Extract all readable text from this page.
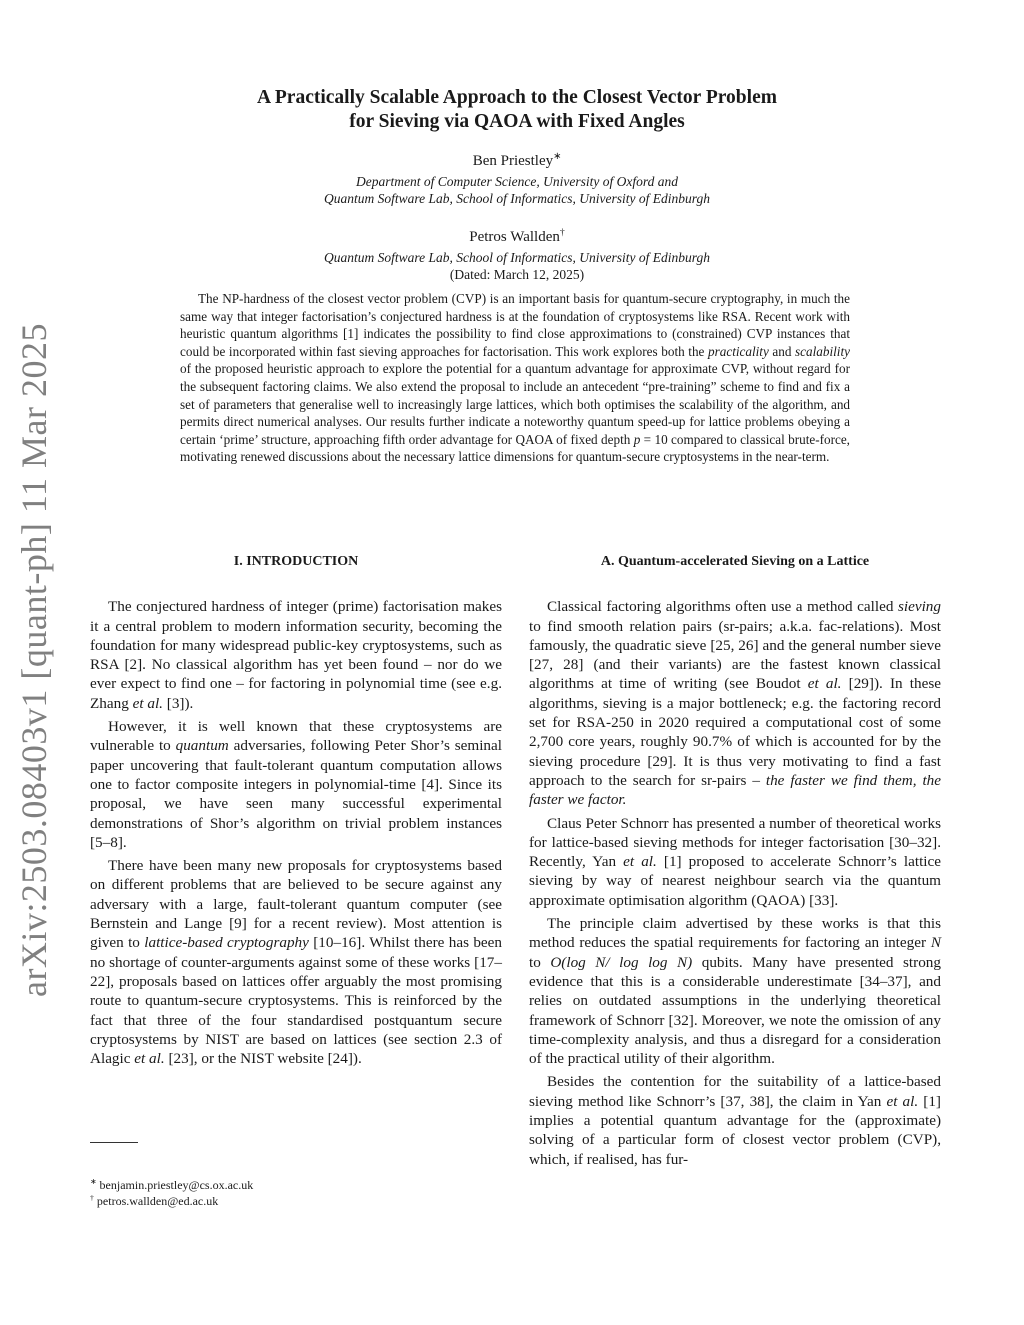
arXiv:2503.08403v1 [quant-ph] 11 Mar 2025
A Practically Scalable Approach to the Closest Vector Problem
for Sieving via QAOA with Fixed Angles
Ben Priestley∗
Department of Computer Science, University of Oxford and
Quantum Software Lab, School of Informatics, University of Edinburgh
Petros Wallden†
Quantum Software Lab, School of Informatics, University of Edinburgh
(Dated: March 12, 2025)
The NP-hardness of the closest vector problem (CVP) is an important basis for quantum-secure cryptography, in much the same way that integer factorisation’s conjectured hardness is at the foundation of cryptosystems like RSA. Recent work with heuristic quantum algorithms [1] indicates the possibility to find close approximations to (constrained) CVP instances that could be incorporated within fast sieving approaches for factorisation. This work explores both the practicality and scalability of the proposed heuristic approach to explore the potential for a quantum advantage for approximate CVP, without regard for the subsequent factoring claims. We also extend the proposal to include an antecedent “pre-training” scheme to find and fix a set of parameters that generalise well to increasingly large lattices, which both optimises the scalability of the algorithm, and permits direct numerical analyses. Our results further indicate a noteworthy quantum speed-up for lattice problems obeying a certain ‘prime’ structure, approaching fifth order advantage for QAOA of fixed depth p = 10 compared to classical brute-force, motivating renewed discussions about the necessary lattice dimensions for quantum-secure cryptosystems in the near-term.
I. INTRODUCTION

The conjectured hardness of integer (prime) factorisation makes it a central problem to modern information security, becoming the foundation for many widespread public-key cryptosystems, such as RSA [2]. No classical algorithm has yet been found – nor do we ever expect to find one – for factoring in polynomial time (see e.g. Zhang et al. [3]).

However, it is well known that these cryptosystems are vulnerable to quantum adversaries, following Peter Shor’s seminal paper uncovering that fault-tolerant quantum computation allows one to factor composite integers in polynomial-time [4]. Since its proposal, we have seen many successful experimental demonstrations of Shor’s algorithm on trivial problem instances [5–8].

There have been many new proposals for cryptosystems based on different problems that are believed to be secure against any adversary with a large, fault-tolerant quantum computer (see Bernstein and Lange [9] for a recent review). Most attention is given to lattice-based cryptography [10–16]. Whilst there has been no shortage of counter-arguments against some of these works [17–22], proposals based on lattices offer arguably the most promising route to quantum-secure cryptosystems. This is reinforced by the fact that three of the four standardised postquantum secure cryptosystems by NIST are based on lattices (see section 2.3 of Alagic et al. [23], or the NIST website [24]).

∗ benjamin.priestley@cs.ox.ac.uk
† petros.wallden@ed.ac.uk
A. Quantum-accelerated Sieving on a Lattice

Classical factoring algorithms often use a method called sieving to find smooth relation pairs (sr-pairs; a.k.a. fac-relations). Most famously, the quadratic sieve [25, 26] and the general number sieve [27, 28] (and their variants) are the fastest known classical algorithms at time of writing (see Boudot et al. [29]). In these algorithms, sieving is a major bottleneck; e.g. the factoring record set for RSA-250 in 2020 required a computational cost of some 2,700 core years, roughly 90.7% of which is accounted for by the sieving procedure [29]. It is thus very motivating to find a fast approach to the search for sr-pairs – the faster we find them, the faster we factor.

Claus Peter Schnorr has presented a number of theoretical works for lattice-based sieving methods for integer factorisation [30–32]. Recently, Yan et al. [1] proposed to accelerate Schnorr’s lattice sieving by way of nearest neighbour search via the quantum approximate optimisation algorithm (QAOA) [33].

The principle claim advertised by these works is that this method reduces the spatial requirements for factoring an integer N to O(log N/ log log N) qubits. Many have presented strong evidence that this is a considerable underestimate [34–37], and relies on outdated assumptions in the underlying theoretical framework of Schnorr [32]. Moreover, we note the omission of any time-complexity analysis, and thus a disregard for a consideration of the practical utility of their algorithm.

Besides the contention for the suitability of a lattice-based sieving method like Schnorr’s [37, 38], the claim in Yan et al. [1] implies a potential quantum advantage for the (approximate) solving of a particular form of closest vector problem (CVP), which, if realised, has fur-
